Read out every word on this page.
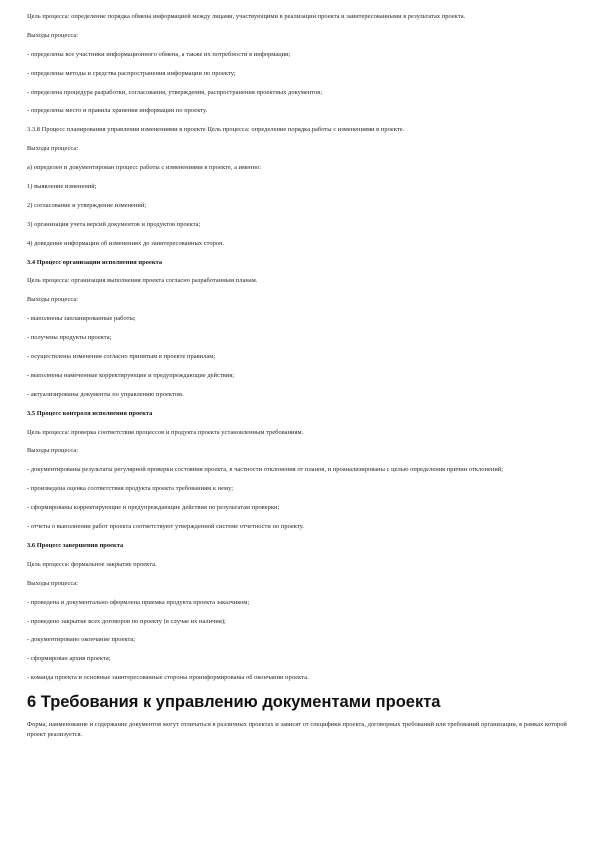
Цель процесса: определение порядка обмена информацией между лицами, участвующими в реализации проекта и заинтересованными в результатах проекта.

Выходы процесса:

- определены все участники информационного обмена, а также их потребности в информации;

- определены методы и средства распространения информации по проекту;

- определена процедура разработки, согласования, утверждения, распространения проектных документов;

- определены место и правила хранения информации по проекту.

3.3.8 Процесс планирования управления изменениями в проекте Цель процесса: определение порядка работы с изменениями в проекте.

Выходы процесса:

а) определен и документирован процесс работы с изменениями в проекте, а именно:

1) выявление изменений;

2) согласование и утверждение изменений;

3) организация учета версий документов и продуктов проекта;

4) доведение информации об изменениях до заинтересованных сторон.

3.4 Процесс организации исполнения проекта

Цель процесса: организация выполнения проекта согласно разработанным планам.

Выходы процесса:

- выполнены запланированные работы;

- получены продукты проекта;

- осуществлены изменения согласно принятым в проекте правилам;

- выполнены намеченные корректирующие и предупреждающие действия;

- актуализированы документы по управлению проектом.

3.5 Процесс контроля исполнения проекта

Цель процесса: проверка соответствия процессов и продукта проекта установленным требованиям.

Выходы процесса:

- документированы результаты регулярной проверки состояния проекта, в частности отклонения от планов, и проанализированы с целью определения причин отклонений;

- произведена оценка соответствия продукта проекта требованиям к нему;

- сформированы корректирующие и предупреждающие действия по результатам проверки;

- отчеты о выполнении работ проекта соответствуют утвержденной системе отчетности по проекту.

3.6 Процесс завершения проекта

Цель процесса: формальное закрытие проекта.

Выходы процесса:

- проведена и документально оформлена приемка продукта проекта заказчиком;

- проведено закрытие всех договоров по проекту (в случае их наличия);

- документировано окончание проекта;

- сформирован архив проекта;

- команда проекта и основные заинтересованные стороны проинформированы об окончании проекта.

6 Требования к управлению документами проекта

Форма, наименование и содержание документов могут отличаться в различных проектах и зависят от специфики проекта, договорных требований или требований организации, в рамках которой проект реализуется.
